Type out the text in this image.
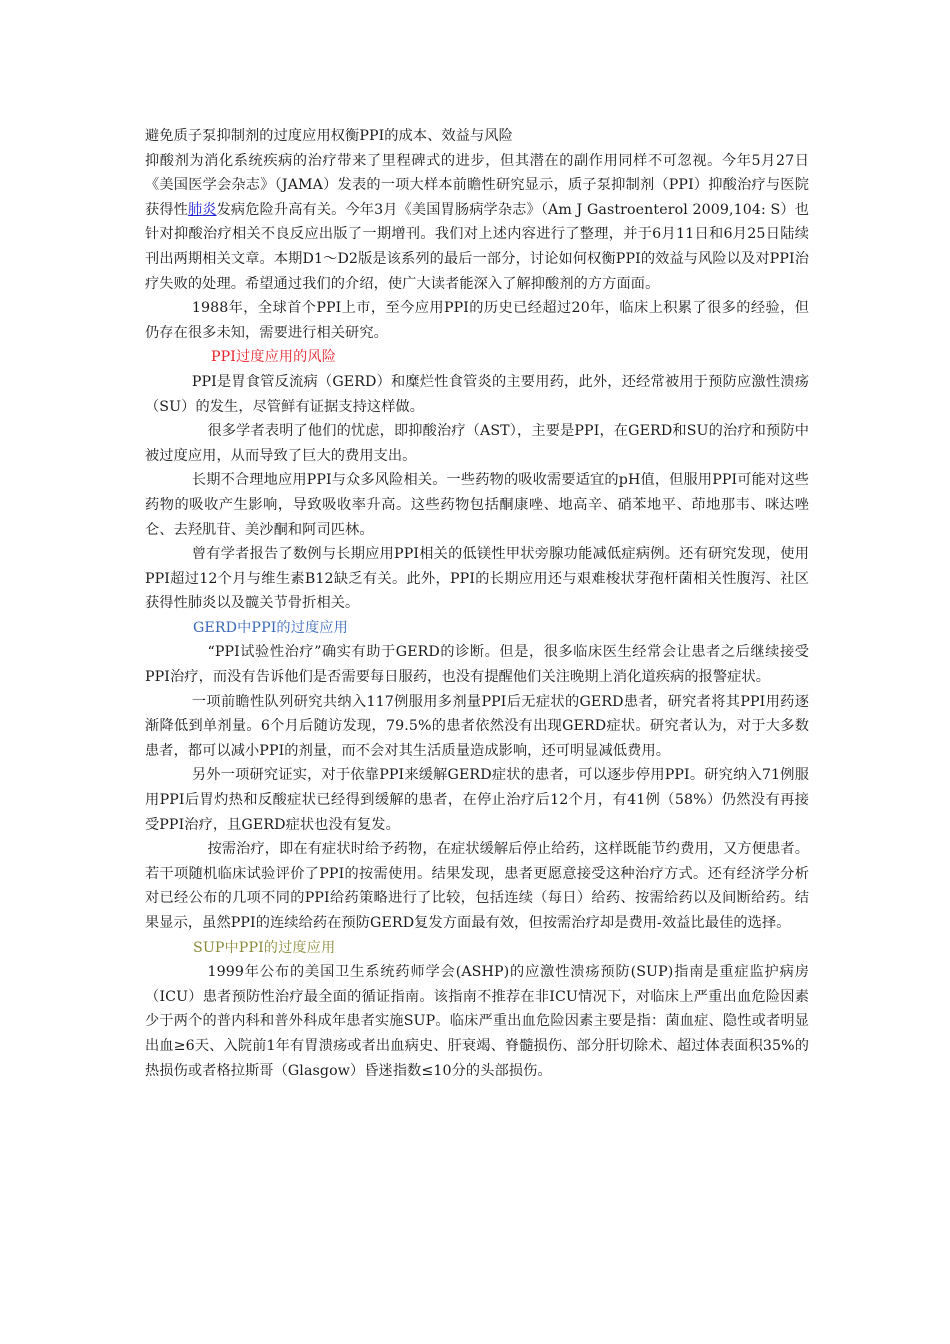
避免质子泵抑制剂的过度应用权衡PPI的成本、效益与风险

抑酸剂为消化系统疾病的治疗带来了里程碑式的进步，但其潜在的副作用同样不可忽视。今年5月27日《美国医学会杂志》（JAMA）发表的一项大样本前瞻性研究显示，质子泵抑制剂（PPI）抑酸治疗与医院获得性肺炎发病危险升高有关。今年3月《美国胃肠病学杂志》（Am J Gastroenterol 2009,104: S）也针对抑酸治疗相关不良反应出版了一期增刊。我们对上述内容进行了整理，并于6月11日和6月25日陆续刊出两期相关文章。本期D1～D2版是该系列的最后一部分，讨论如何权衡PPI的效益与风险以及对PPI治疗失败的处理。希望通过我们的介绍，使广大读者能深入了解抑酸剂的方方面面。

1988年，全球首个PPI上市，至今应用PPI的历史已经超过20年，临床上积累了很多的经验，但仍存在很多未知，需要进行相关研究。

PPI过度应用的风险

PPI是胃食管反流病（GERD）和糜烂性食管炎的主要用药，此外，还经常被用于预防应激性溃疡（SU）的发生，尽管鲜有证据支持这样做。

很多学者表明了他们的忧虑，即抑酸治疗（AST），主要是PPI，在GERD和SU的治疗和预防中被过度应用，从而导致了巨大的费用支出。

长期不合理地应用PPI与众多风险相关。一些药物的吸收需要适宜的pH值，但服用PPI可能对这些药物的吸收产生影响，导致吸收率升高。这些药物包括酮康唑、地高辛、硝苯地平、茚地那韦、咪达唑仑、去羟肌苷、美沙酮和阿司匹林。

曾有学者报告了数例与长期应用PPI相关的低镁性甲状旁腺功能减低症病例。还有研究发现，使用PPI超过12个月与维生素B12缺乏有关。此外，PPI的长期应用还与艰难梭状芽孢杆菌相关性腹泻、社区获得性肺炎以及髋关节骨折相关。

GERD中PPI的过度应用

“PPI试验性治疗”确实有助于GERD的诊断。但是，很多临床医生经常会让患者之后继续接受PPI治疗，而没有告诉他们是否需要每日服药，也没有提醒他们关注晚期上消化道疾病的报警症状。

一项前瞻性队列研究共纳入117例服用多剂量PPI后无症状的GERD患者，研究者将其PPI用药逐渐降低到单剂量。6个月后随访发现，79.5%的患者依然没有出现GERD症状。研究者认为，对于大多数患者，都可以减小PPI的剂量，而不会对其生活质量造成影响，还可明显减低费用。

另外一项研究证实，对于依靠PPI来缓解GERD症状的患者，可以逐步停用PPI。研究纳入71例服用PPI后胃灼热和反酸症状已经得到缓解的患者，在停止治疗后12个月，有41例（58%）仍然没有再接受PPI治疗，且GERD症状也没有复发。

按需治疗，即在有症状时给予药物，在症状缓解后停止给药，这样既能节约费用，又方便患者。若干项随机临床试验评价了PPI的按需使用。结果发现，患者更愿意接受这种治疗方式。还有经济学分析对已经公布的几项不同的PPI给药策略进行了比较，包括连续（每日）给药、按需给药以及间断给药。结果显示，虽然PPI的连续给药在预防GERD复发方面最有效，但按需治疗却是费用-效益比最佳的选择。

SUP中PPI的过度应用

1999年公布的美国卫生系统药师学会(ASHP)的应激性溃疡预防(SUP)指南是重症监护病房（ICU）患者预防性治疗最全面的循证指南。该指南不推荐在非ICU情况下，对临床上严重出血危险因素少于两个的普内科和普外科成年患者实施SUP。临床严重出血危险因素主要是指：菌血症、隐性或者明显出血≥6天、入院前1年有胃溃疡或者出血病史、肝衰竭、脊髓损伤、部分肝切除术、超过体表面积35%的热损伤或者格拉斯哥（Glasgow）昏迷指数≤10分的头部损伤。
